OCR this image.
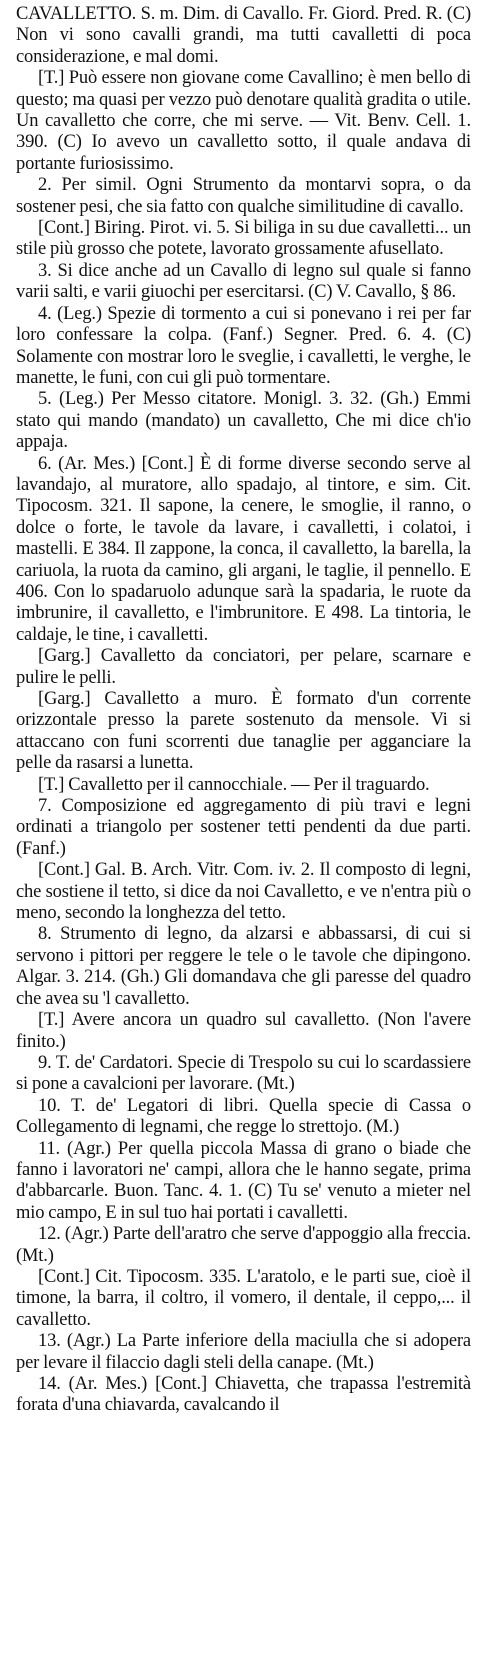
CAVALLETTO. S. m. Dim. di Cavallo. Fr. Giord. Pred. R. (C) Non vi sono cavalli grandi, ma tutti cavalletti di poca considerazione, e mal domi.

[T.] Può essere non giovane come Cavallino; è men bello di questo; ma quasi per vezzo può denotare qualità gradita o utile. Un cavalletto che corre, che mi serve. — Vit. Benv. Cell. 1. 390. (C) Io avevo un cavalletto sotto, il quale andava di portante furiosissimo.

2. Per simil. Ogni Strumento da montarvi sopra, o da sostener pesi, che sia fatto con qualche similitudine di cavallo.

[Cont.] Biring. Pirot. vi. 5. Si biliga in su due cavalletti... un stile più grosso che potete, lavorato grossamente afusellato.

3. Si dice anche ad un Cavallo di legno sul quale si fanno varii salti, e varii giuochi per esercitarsi. (C) V. Cavallo, § 86.

4. (Leg.) Spezie di tormento a cui si ponevano i rei per far loro confessare la colpa. (Fanf.) Segner. Pred. 6. 4. (C) Solamente con mostrar loro le sveglie, i cavalletti, le verghe, le manette, le funi, con cui gli può tormentare.

5. (Leg.) Per Messo citatore. Monigl. 3. 32. (Gh.) Emmi stato qui mando (mandato) un cavalletto, Che mi dice ch'io appaja.

6. (Ar. Mes.) [Cont.] È di forme diverse secondo serve al lavandajo, al muratore, allo spadajo, al tintore, e sim. Cit. Tipocosm. 321. Il sapone, la cenere, le smoglie, il ranno, o dolce o forte, le tavole da lavare, i cavalletti, i colatoi, i mastelli. E 384. Il zappone, la conca, il cavalletto, la barella, la cariuola, la ruota da camino, gli argani, le taglie, il pennello. E 406. Con lo spadaruolo adunque sarà la spadaria, le ruote da imbrunire, il cavalletto, e l'imbrunitore. E 498. La tintoria, le caldaje, le tine, i cavalletti.

[Garg.] Cavalletto da conciatori, per pelare, scarnare e pulire le pelli.

[Garg.] Cavalletto a muro. È formato d'un corrente orizzontale presso la parete sostenuto da mensole. Vi si attaccano con funi scorrenti due tanaglie per agganciare la pelle da rasarsi a lunetta.

[T.] Cavalletto per il cannocchiale. — Per il traguardo.

7. Composizione ed aggregamento di più travi e legni ordinati a triangolo per sostener tetti pendenti da due parti. (Fanf.)

[Cont.] Gal. B. Arch. Vitr. Com. iv. 2. Il composto di legni, che sostiene il tetto, si dice da noi Cavalletto, e ve n'entra più o meno, secondo la longhezza del tetto.

8. Strumento di legno, da alzarsi e abbassarsi, di cui si servono i pittori per reggere le tele o le tavole che dipingono. Algar. 3. 214. (Gh.) Gli domandava che gli paresse del quadro che avea su 'l cavalletto.

[T.] Avere ancora un quadro sul cavalletto. (Non l'avere finito.)

9. T. de' Cardatori. Specie di Trespolo su cui lo scardassiere si pone a cavalcioni per lavorare. (Mt.)

10. T. de' Legatori di libri. Quella specie di Cassa o Collegamento di legnami, che regge lo strettojo. (M.)

11. (Agr.) Per quella piccola Massa di grano o biade che fanno i lavoratori ne' campi, allora che le hanno segate, prima d'abbarcarle. Buon. Tanc. 4. 1. (C) Tu se' venuto a mieter nel mio campo, E in sul tuo hai portati i cavalletti.

12. (Agr.) Parte dell'aratro che serve d'appoggio alla freccia. (Mt.)

[Cont.] Cit. Tipocosm. 335. L'aratolo, e le parti sue, cioè il timone, la barra, il coltro, il vomero, il dentale, il ceppo,... il cavalletto.

13. (Agr.) La Parte inferiore della maciulla che si adopera per levare il filaccio dagli steli della canape. (Mt.)

14. (Ar. Mes.) [Cont.] Chiavetta, che trapassa l'estremità forata d'una chiavarda, cavalcando il
